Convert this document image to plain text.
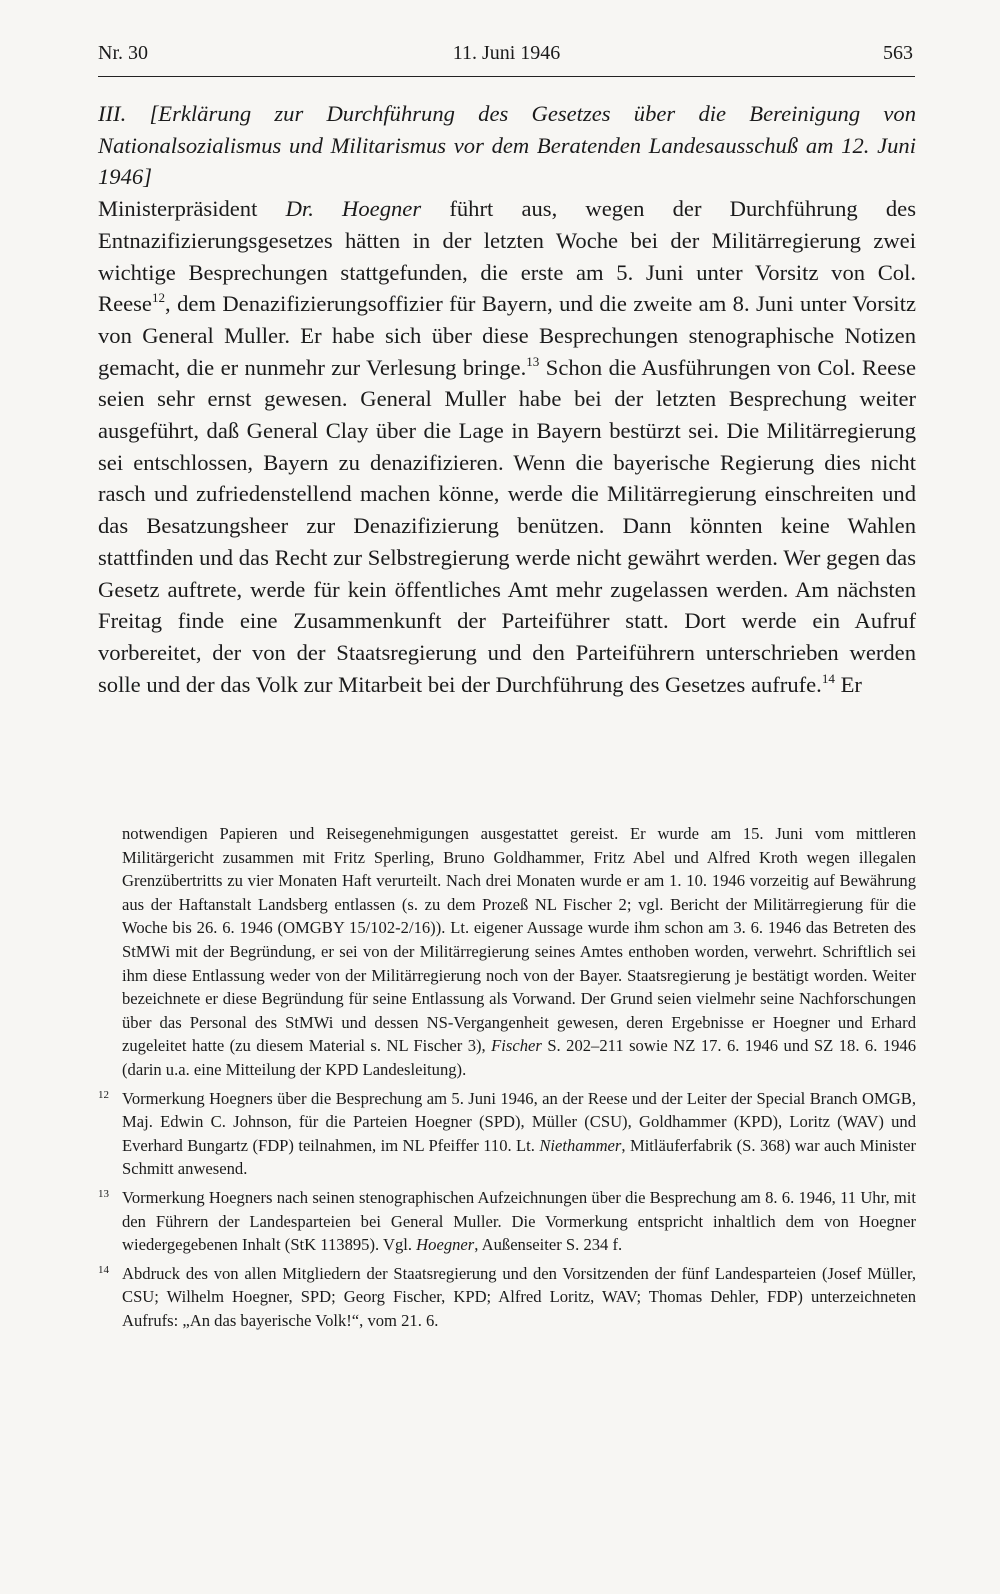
Nr. 30	11. Juni 1946	563

III. [Erklärung zur Durchführung des Gesetzes über die Bereinigung von Nationalsozialismus und Militarismus vor dem Beratenden Landesausschuß am 12. Juni 1946]

Ministerpräsident Dr. Hoegner führt aus, wegen der Durchführung des Entnazifizierungsgesetzes hätten in der letzten Woche bei der Militärregierung zwei wichtige Besprechungen stattgefunden, die erste am 5. Juni unter Vorsitz von Col. Reese$^{12}$, dem Denazifizierungsoffizier für Bayern, und die zweite am 8. Juni unter Vorsitz von General Muller. Er habe sich über diese Besprechungen stenographische Notizen gemacht, die er nunmehr zur Verlesung bringe.$^{13}$ Schon die Ausführungen von Col. Reese seien sehr ernst gewesen. General Muller habe bei der letzten Besprechung weiter ausgeführt, daß General Clay über die Lage in Bayern bestürzt sei. Die Militärregierung sei entschlossen, Bayern zu denazifizieren. Wenn die bayerische Regierung dies nicht rasch und zufriedenstellend machen könne, werde die Militärregierung einschreiten und das Besatzungsheer zur Denazifizierung benützen. Dann könnten keine Wahlen stattfinden und das Recht zur Selbstregierung werde nicht gewährt werden. Wer gegen das Gesetz auftrete, werde für kein öffentliches Amt mehr zugelassen werden. Am nächsten Freitag finde eine Zusammenkunft der Parteiführer statt. Dort werde ein Aufruf vorbereitet, der von der Staatsregierung und den Parteiführern unterschrieben werden solle und der das Volk zur Mitarbeit bei der Durchführung des Gesetzes aufrufe.$^{14}$ Er

notwendigen Papieren und Reisegenehmigungen ausgestattet gereist. Er wurde am 15. Juni vom mittleren Militärgericht zusammen mit Fritz Sperling, Bruno Goldhammer, Fritz Abel und Alfred Kroth wegen illegalen Grenzübertritts zu vier Monaten Haft verurteilt. Nach drei Monaten wurde er am 1. 10. 1946 vorzeitig auf Bewährung aus der Haftanstalt Landsberg entlassen (s. zu dem Prozeß NL Fischer 2; vgl. Bericht der Militärregierung für die Woche bis 26. 6. 1946 (OMGBY 15/102-2/16)). Lt. eigener Aussage wurde ihm schon am 3. 6. 1946 das Betreten des StMWi mit der Begründung, er sei von der Militärregierung seines Amtes enthoben worden, verwehrt. Schriftlich sei ihm diese Entlassung weder von der Militärregierung noch von der Bayer. Staatsregierung je bestätigt worden. Weiter bezeichnete er diese Begründung für seine Entlassung als Vorwand. Der Grund seien vielmehr seine Nachforschungen über das Personal des StMWi und dessen NS-Vergangenheit gewesen, deren Ergebnisse er Hoegner und Erhard zugeleitet hatte (zu diesem Material s. NL Fischer 3), Fischer S. 202–211 sowie NZ 17. 6. 1946 und SZ 18. 6. 1946 (darin u.a. eine Mitteilung der KPD Landesleitung).

12 Vormerkung Hoegners über die Besprechung am 5. Juni 1946, an der Reese und der Leiter der Special Branch OMGB, Maj. Edwin C. Johnson, für die Parteien Hoegner (SPD), Müller (CSU), Goldhammer (KPD), Loritz (WAV) und Everhard Bungartz (FDP) teilnahmen, im NL Pfeiffer 110. Lt. Niethammer, Mitläuferfabrik (S. 368) war auch Minister Schmitt anwesend.

13 Vormerkung Hoegners nach seinen stenographischen Aufzeichnungen über die Besprechung am 8. 6. 1946, 11 Uhr, mit den Führern der Landesparteien bei General Muller. Die Vormerkung entspricht inhaltlich dem von Hoegner wiedergegebenen Inhalt (StK 113895). Vgl. Hoegner, Außenseiter S. 234 f.

14 Abdruck des von allen Mitgliedern der Staatsregierung und den Vorsitzenden der fünf Landesparteien (Josef Müller, CSU; Wilhelm Hoegner, SPD; Georg Fischer, KPD; Alfred Loritz, WAV; Thomas Dehler, FDP) unterzeichneten Aufrufs: „An das bayerische Volk!“, vom 21. 6.
